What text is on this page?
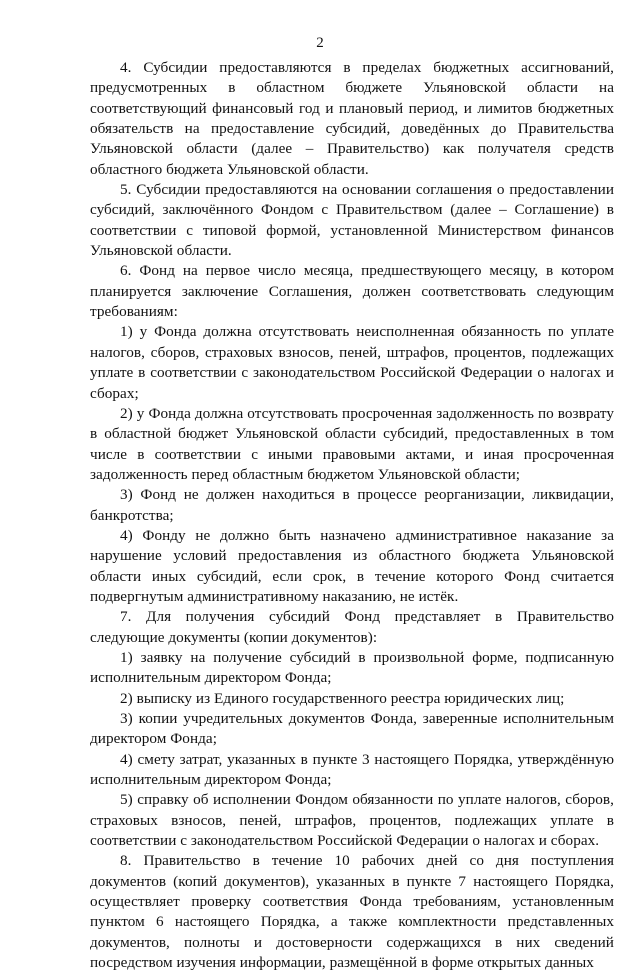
2

4. Субсидии предоставляются в пределах бюджетных ассигнований, предусмотренных в областном бюджете Ульяновской области на соответствующий финансовый год и плановый период, и лимитов бюджетных обязательств на предоставление субсидий, доведённых до Правительства Ульяновской области (далее – Правительство) как получателя средств областного бюджета Ульяновской области.

5. Субсидии предоставляются на основании соглашения о предоставлении субсидий, заключённого Фондом с Правительством (далее – Соглашение) в соответствии с типовой формой, установленной Министерством финансов Ульяновской области.

6. Фонд на первое число месяца, предшествующего месяцу, в котором планируется заключение Соглашения, должен соответствовать следующим требованиям:

1) у Фонда должна отсутствовать неисполненная обязанность по уплате налогов, сборов, страховых взносов, пеней, штрафов, процентов, подлежащих уплате в соответствии с законодательством Российской Федерации о налогах и сборах;

2) у Фонда должна отсутствовать просроченная задолженность по возврату в областной бюджет Ульяновской области субсидий, предоставленных в том числе в соответствии с иными правовыми актами, и иная просроченная задолженность перед областным бюджетом Ульяновской области;

3) Фонд не должен находиться в процессе реорганизации, ликвидации, банкротства;

4) Фонду не должно быть назначено административное наказание за нарушение условий предоставления из областного бюджета Ульяновской области иных субсидий, если срок, в течение которого Фонд считается подвергнутым административному наказанию, не истёк.

7. Для получения субсидий Фонд представляет в Правительство следующие документы (копии документов):

1) заявку на получение субсидий в произвольной форме, подписанную исполнительным директором Фонда;

2) выписку из Единого государственного реестра юридических лиц;

3) копии учредительных документов Фонда, заверенные исполнительным директором Фонда;

4) смету затрат, указанных в пункте 3 настоящего Порядка, утверждённую исполнительным директором Фонда;

5) справку об исполнении Фондом обязанности по уплате налогов, сборов, страховых взносов, пеней, штрафов, процентов, подлежащих уплате в соответствии с законодательством Российской Федерации о налогах и сборах.

8. Правительство в течение 10 рабочих дней со дня поступления документов (копий документов), указанных в пункте 7 настоящего Порядка, осуществляет проверку соответствия Фонда требованиям, установленным пунктом 6 настоящего Порядка, а также комплектности представленных документов, полноты и достоверности содержащихся в них сведений посредством изучения информации, размещённой в форме открытых данных
